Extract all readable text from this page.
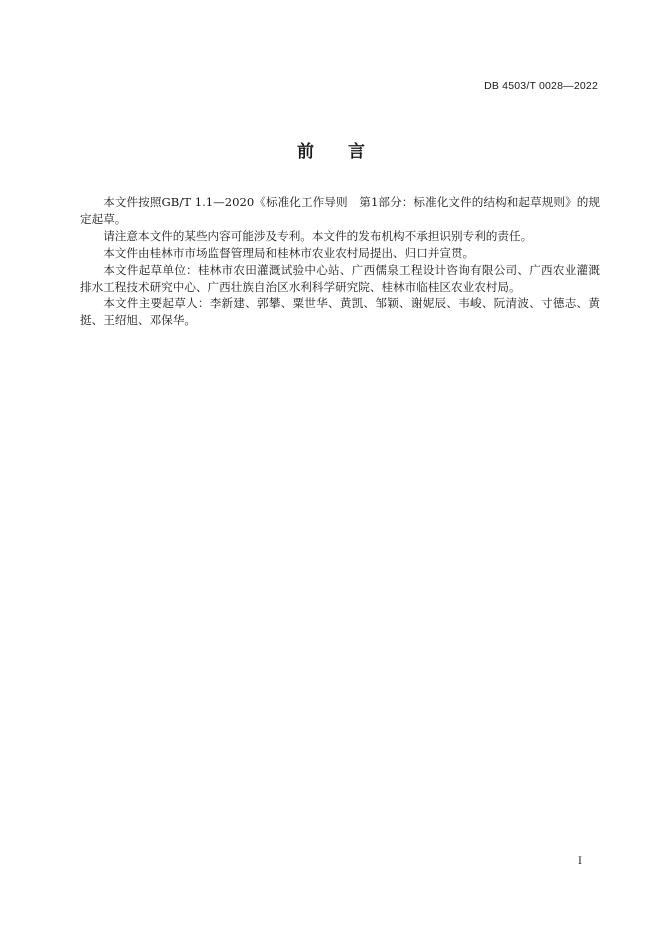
DB 4503/T 0028—2022
前　　言

本文件按照GB/T 1.1—2020《标准化工作导则　第1部分：标准化文件的结构和起草规则》的规定起草。

请注意本文件的某些内容可能涉及专利。本文件的发布机构不承担识别专利的责任。

本文件由桂林市市场监督管理局和桂林市农业农村局提出、归口并宣贯。

本文件起草单位：桂林市农田灌溉试验中心站、广西儒泉工程设计咨询有限公司、广西农业灌溉排水工程技术研究中心、广西壮族自治区水利科学研究院、桂林市临桂区农业农村局。

本文件主要起草人：李新建、郭攀、粟世华、黄凯、邹颖、谢妮辰、韦峻、阮清波、寸德志、黄挺、王绍旭、邓保华。

I
